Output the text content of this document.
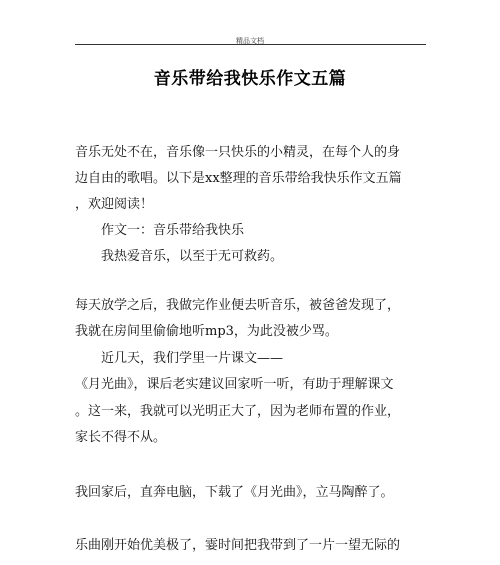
精品文档
音乐带给我快乐作文五篇
音乐无处不在，音乐像一只快乐的小精灵，在每个人的身
边自由的歌唱。以下是xx整理的音乐带给我快乐作文五篇
，欢迎阅读！
作文一：音乐带给我快乐
我热爱音乐，以至于无可救药。
每天放学之后，我做完作业便去听音乐，被爸爸发现了，
我就在房间里偷偷地听mp3，为此没被少骂。
近几天，我们学里一片课文——
《月光曲》，课后老实建议回家听一听，有助于理解课文
。这一来，我就可以光明正大了，因为老师布置的作业，
家长不得不从。
我回家后，直奔电脑，下载了《月光曲》，立马陶醉了。
乐曲刚开始优美极了，霎时间把我带到了一片一望无际的
